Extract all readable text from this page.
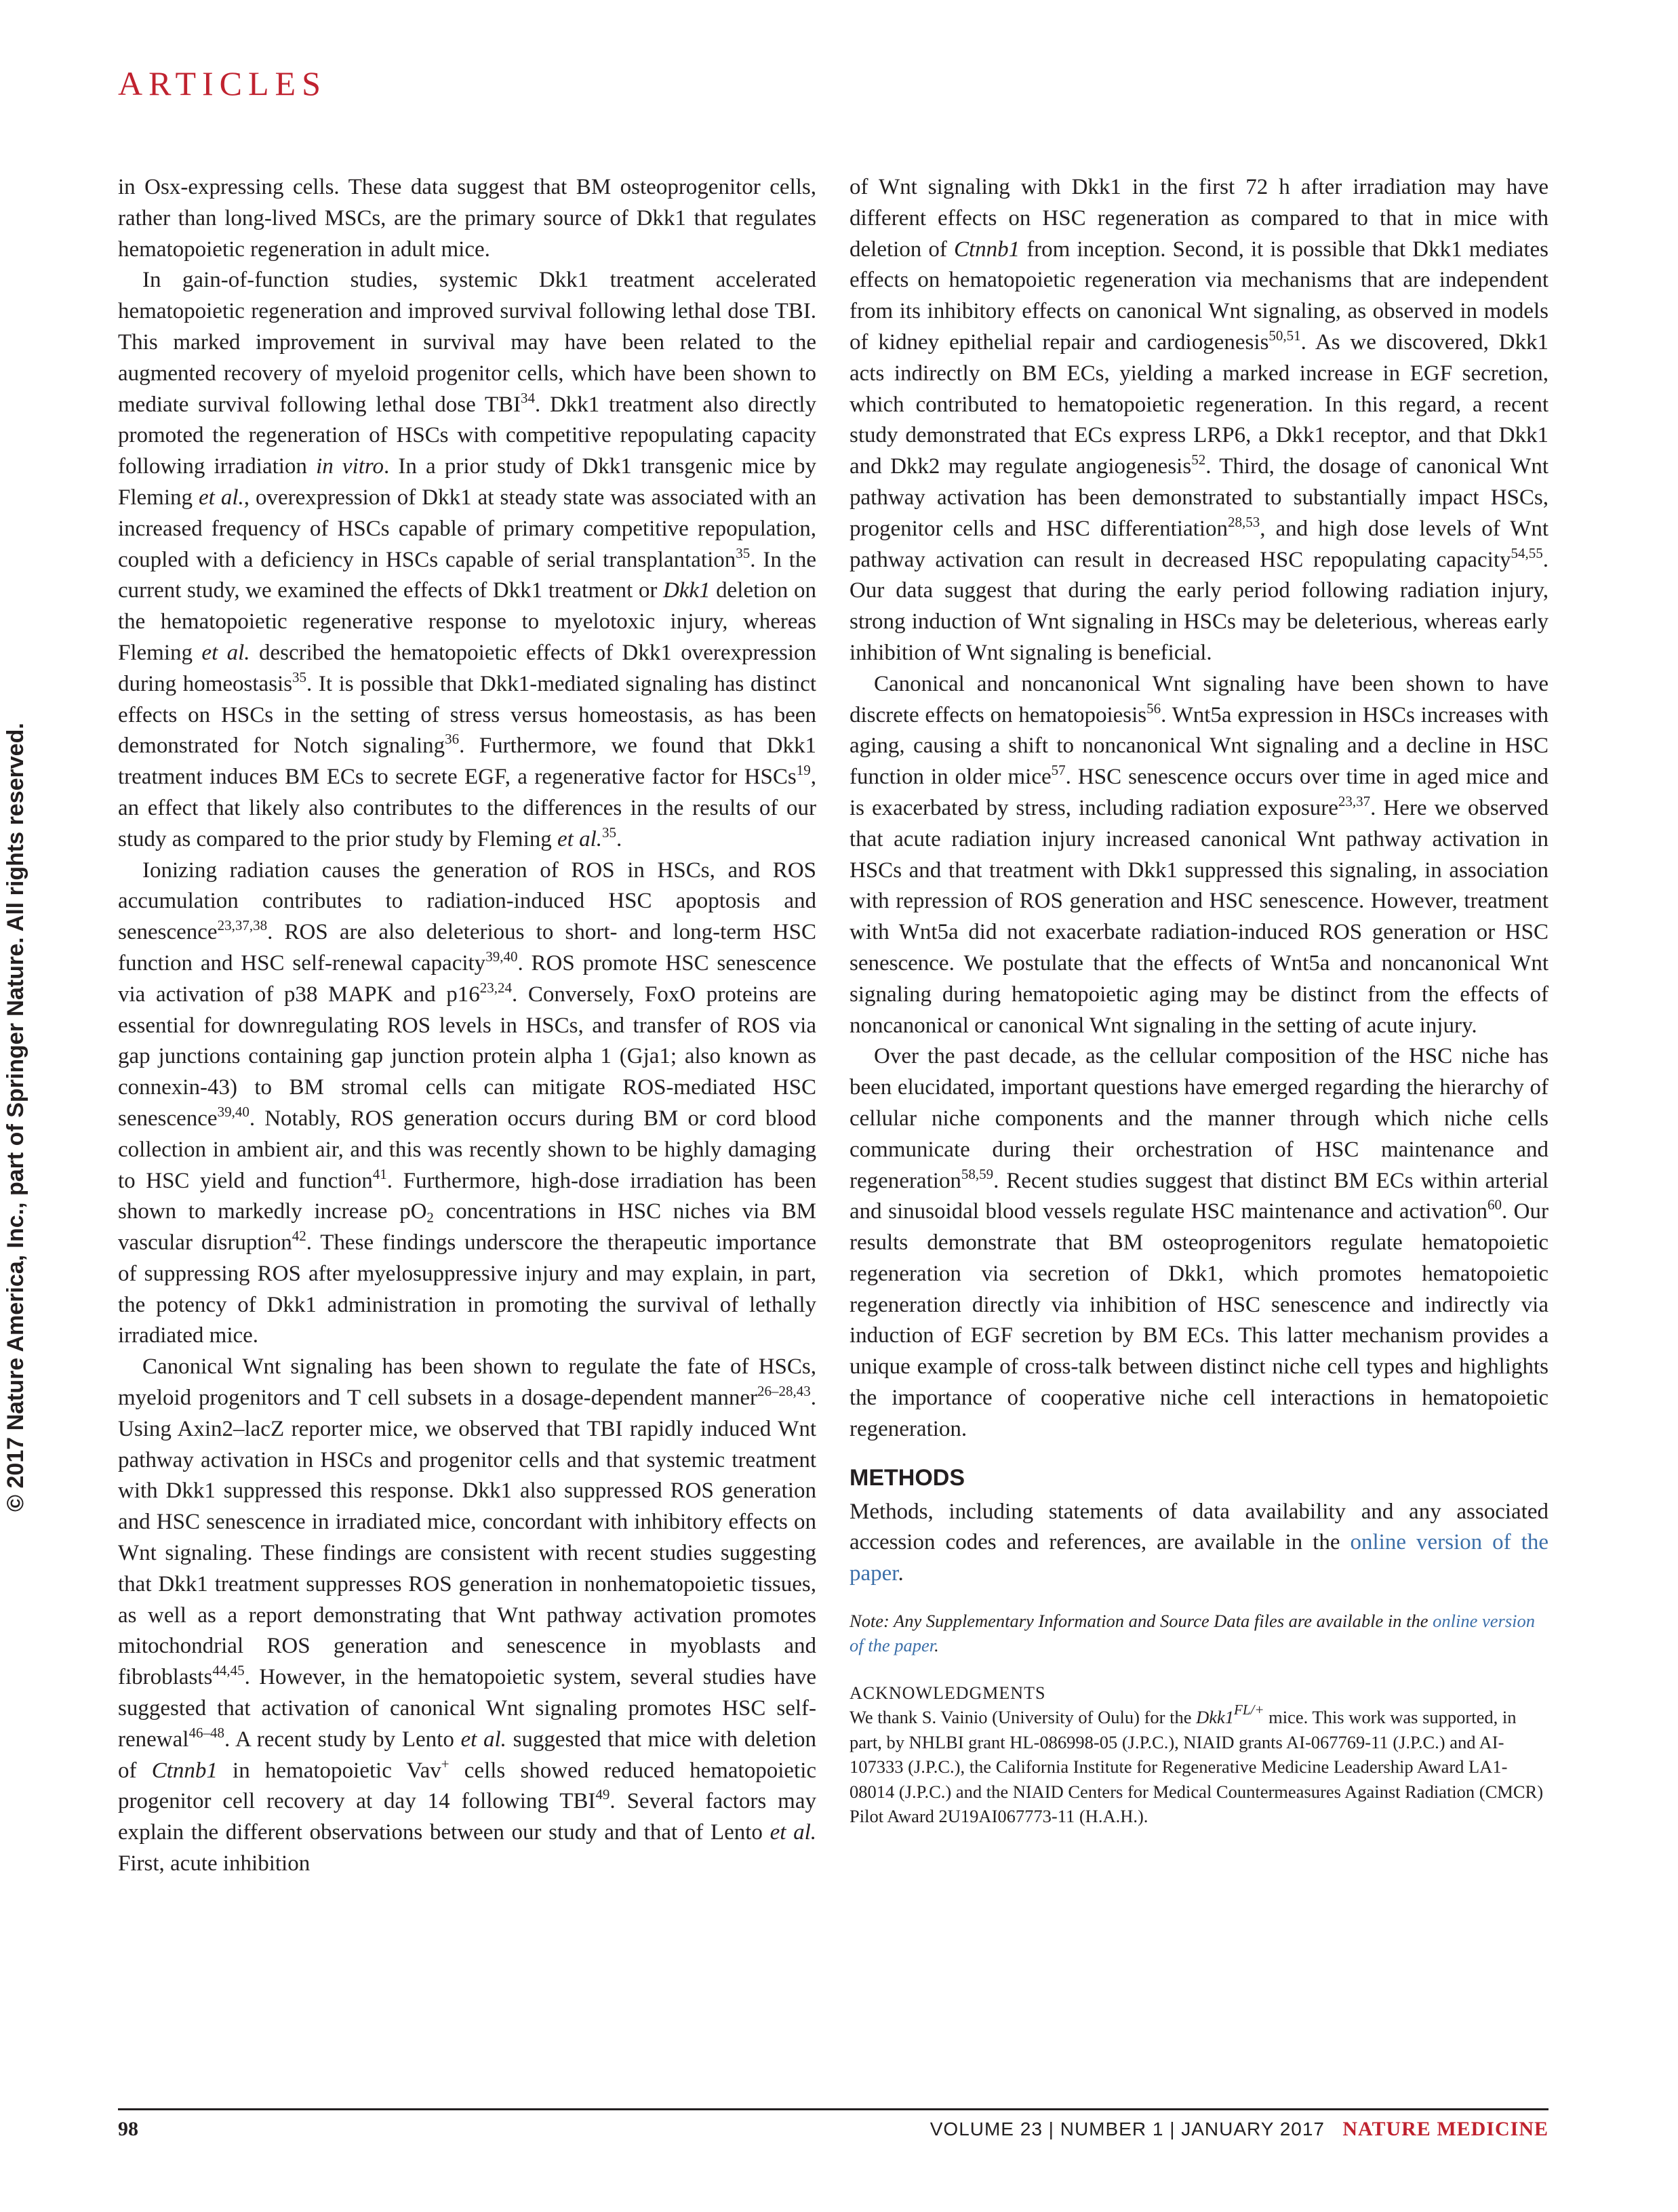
ARTICLES
© 2017 Nature America, Inc., part of Springer Nature. All rights reserved.

in Osx-expressing cells. These data suggest that BM osteoprogenitor cells, rather than long-lived MSCs, are the primary source of Dkk1 that regulates hematopoietic regeneration in adult mice.

In gain-of-function studies, systemic Dkk1 treatment accelerated hematopoietic regeneration and improved survival following lethal dose TBI. This marked improvement in survival may have been related to the augmented recovery of myeloid progenitor cells, which have been shown to mediate survival following lethal dose TBI$^{34}$. Dkk1 treatment also directly promoted the regeneration of HSCs with competitive repopulating capacity following irradiation in vitro. In a prior study of Dkk1 transgenic mice by Fleming et al., overexpression of Dkk1 at steady state was associated with an increased frequency of HSCs capable of primary competitive repopulation, coupled with a deficiency in HSCs capable of serial transplantation$^{35}$. In the current study, we examined the effects of Dkk1 treatment or Dkk1 deletion on the hematopoietic regenerative response to myelotoxic injury, whereas Fleming et al. described the hematopoietic effects of Dkk1 overexpression during homeostasis$^{35}$. It is possible that Dkk1-mediated signaling has distinct effects on HSCs in the setting of stress versus homeostasis, as has been demonstrated for Notch signaling$^{36}$. Furthermore, we found that Dkk1 treatment induces BM ECs to secrete EGF, a regenerative factor for HSCs$^{19}$, an effect that likely also contributes to the differences in the results of our study as compared to the prior study by Fleming et al.$^{35}$.

Ionizing radiation causes the generation of ROS in HSCs, and ROS accumulation contributes to radiation-induced HSC apoptosis and senescence$^{23,37,38}$. ROS are also deleterious to short- and long-term HSC function and HSC self-renewal capacity$^{39,40}$. ROS promote HSC senescence via activation of p38 MAPK and p16$^{23,24}$. Conversely, FoxO proteins are essential for downregulating ROS levels in HSCs, and transfer of ROS via gap junctions containing gap junction protein alpha 1 (Gja1; also known as connexin-43) to BM stromal cells can mitigate ROS-mediated HSC senescence$^{39,40}$. Notably, ROS generation occurs during BM or cord blood collection in ambient air, and this was recently shown to be highly damaging to HSC yield and function$^{41}$. Furthermore, high-dose irradiation has been shown to markedly increase $pO_2$ concentrations in HSC niches via BM vascular disruption$^{42}$. These findings underscore the therapeutic importance of suppressing ROS after myelosuppressive injury and may explain, in part, the potency of Dkk1 administration in promoting the survival of lethally irradiated mice.

Canonical Wnt signaling has been shown to regulate the fate of HSCs, myeloid progenitors and T cell subsets in a dosage-dependent manner$^{26-28,43}$. Using Axin2–lacZ reporter mice, we observed that TBI rapidly induced Wnt pathway activation in HSCs and progenitor cells and that systemic treatment with Dkk1 suppressed this response. Dkk1 also suppressed ROS generation and HSC senescence in irradiated mice, concordant with inhibitory effects on Wnt signaling. These findings are consistent with recent studies suggesting that Dkk1 treatment suppresses ROS generation in nonhematopoietic tissues, as well as a report demonstrating that Wnt pathway activation promotes mitochondrial ROS generation and senescence in myoblasts and fibroblasts$^{44,45}$. However, in the hematopoietic system, several studies have suggested that activation of canonical Wnt signaling promotes HSC self-renewal$^{46-48}$. A recent study by Lento et al. suggested that mice with deletion of Ctnnb1 in hematopoietic Vav+ cells showed reduced hematopoietic progenitor cell recovery at day 14 following TBI$^{49}$. Several factors may explain the different observations between our study and that of Lento et al. First, acute inhibition

of Wnt signaling with Dkk1 in the first 72 h after irradiation may have different effects on HSC regeneration as compared to that in mice with deletion of Ctnnb1 from inception. Second, it is possible that Dkk1 mediates effects on hematopoietic regeneration via mechanisms that are independent from its inhibitory effects on canonical Wnt signaling, as observed in models of kidney epithelial repair and cardiogenesis$^{50,51}$. As we discovered, Dkk1 acts indirectly on BM ECs, yielding a marked increase in EGF secretion, which contributed to hematopoietic regeneration. In this regard, a recent study demonstrated that ECs express LRP6, a Dkk1 receptor, and that Dkk1 and Dkk2 may regulate angiogenesis$^{52}$. Third, the dosage of canonical Wnt pathway activation has been demonstrated to substantially impact HSCs, progenitor cells and HSC differentiation$^{28,53}$, and high dose levels of Wnt pathway activation can result in decreased HSC repopulating capacity$^{54,55}$. Our data suggest that during the early period following radiation injury, strong induction of Wnt signaling in HSCs may be deleterious, whereas early inhibition of Wnt signaling is beneficial.

Canonical and noncanonical Wnt signaling have been shown to have discrete effects on hematopoiesis$^{56}$. Wnt5a expression in HSCs increases with aging, causing a shift to noncanonical Wnt signaling and a decline in HSC function in older mice$^{57}$. HSC senescence occurs over time in aged mice and is exacerbated by stress, including radiation exposure$^{23,37}$. Here we observed that acute radiation injury increased canonical Wnt pathway activation in HSCs and that treatment with Dkk1 suppressed this signaling, in association with repression of ROS generation and HSC senescence. However, treatment with Wnt5a did not exacerbate radiation-induced ROS generation or HSC senescence. We postulate that the effects of Wnt5a and noncanonical Wnt signaling during hematopoietic aging may be distinct from the effects of noncanonical or canonical Wnt signaling in the setting of acute injury.

Over the past decade, as the cellular composition of the HSC niche has been elucidated, important questions have emerged regarding the hierarchy of cellular niche components and the manner through which niche cells communicate during their orchestration of HSC maintenance and regeneration$^{58,59}$. Recent studies suggest that distinct BM ECs within arterial and sinusoidal blood vessels regulate HSC maintenance and activation$^{60}$. Our results demonstrate that BM osteoprogenitors regulate hematopoietic regeneration via secretion of Dkk1, which promotes hematopoietic regeneration directly via inhibition of HSC senescence and indirectly via induction of EGF secretion by BM ECs. This latter mechanism provides a unique example of cross-talk between distinct niche cell types and highlights the importance of cooperative niche cell interactions in hematopoietic regeneration.

METHODS

Methods, including statements of data availability and any associated accession codes and references, are available in the online version of the paper.

Note: Any Supplementary Information and Source Data files are available in the online version of the paper.
ACKNOWLEDGMENTS
We thank S. Vainio (University of Oulu) for the $Dkk1^{FL/+}$ mice. This work was supported, in part, by NHLBI grant HL-086998-05 (J.P.C.), NIAID grants AI-067769-11 (J.P.C.) and AI-107333 (J.P.C.), the California Institute for Regenerative Medicine Leadership Award LA1-08014 (J.P.C.) and the NIAID Centers for Medical Countermeasures Against Radiation (CMCR) Pilot Award 2U19AI067773-11 (H.A.H.).
98	VOLUME 23 | NUMBER 1 | JANUARY 2017 NATURE MEDICINE
